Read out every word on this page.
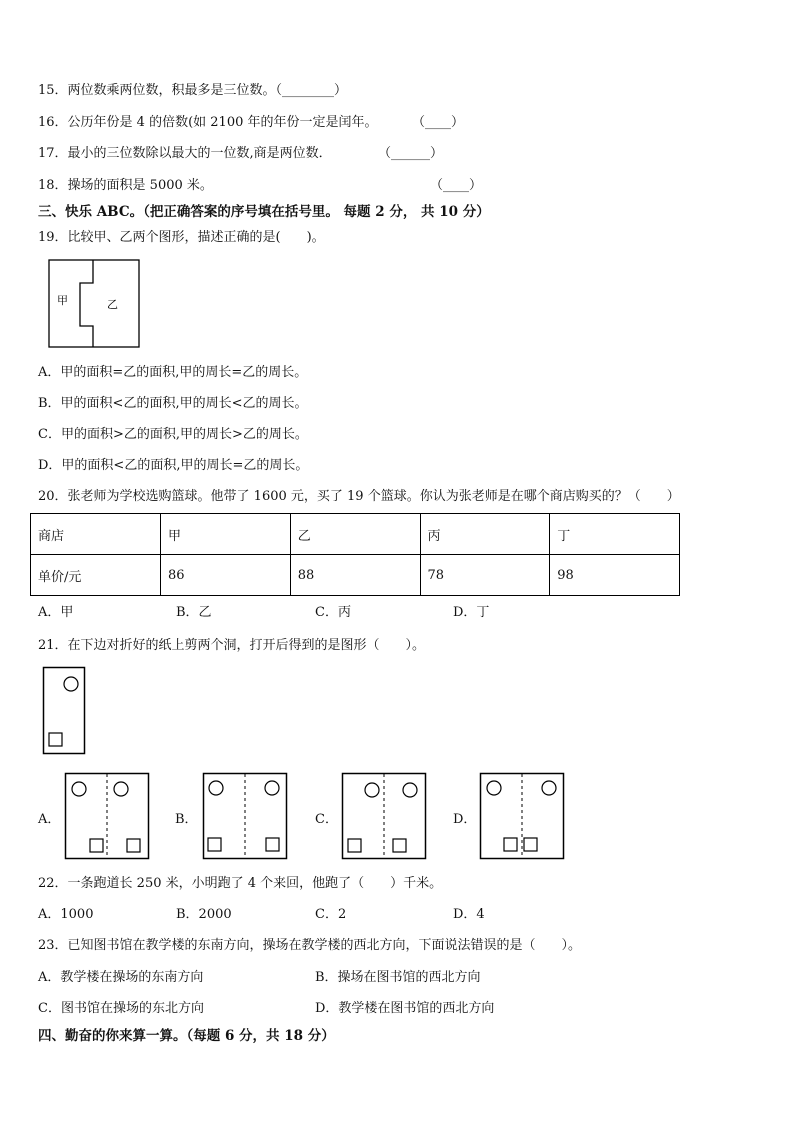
15．两位数乘两位数，积最多是三位数。（________）
16．公历年份是 4 的倍数(如 2100 年的年份一定是闰年。	（____）
17．最小的三位数除以最大的一位数,商是两位数．	（______）
18．操场的面积是 5000 米。	（____）
三、快乐 ABC。（把正确答案的序号填在括号里。 每题 2 分， 共 10 分）
19．比较甲、乙两个图形，描述正确的是(　　)。
甲	乙
A．甲的面积=乙的面积,甲的周长=乙的周长。
B．甲的面积<乙的面积,甲的周长<乙的周长。
C．甲的面积>乙的面积,甲的周长>乙的周长。
D．甲的面积<乙的面积,甲的周长=乙的周长。
20．张老师为学校选购篮球。他带了 1600 元，买了 19 个篮球。你认为张老师是在哪个商店购买的？（　　）
商店	甲	乙	丙	丁
单价/元	86	88	78	98
A．甲	B．乙	C．丙	D．丁
21．在下边对折好的纸上剪两个洞，打开后得到的是图形（　　）。
A．	B．	C．	D．
22．一条跑道长 250 米，小明跑了 4 个来回，他跑了（　　）千米。
A．1000	B．2000	C．2	D．4
23．已知图书馆在教学楼的东南方向，操场在教学楼的西北方向，下面说法错误的是（　　）。
A．教学楼在操场的东南方向	B．操场在图书馆的西北方向
C．图书馆在操场的东北方向	D．教学楼在图书馆的西北方向
四、勤奋的你来算一算。（每题 6 分，共 18 分）
